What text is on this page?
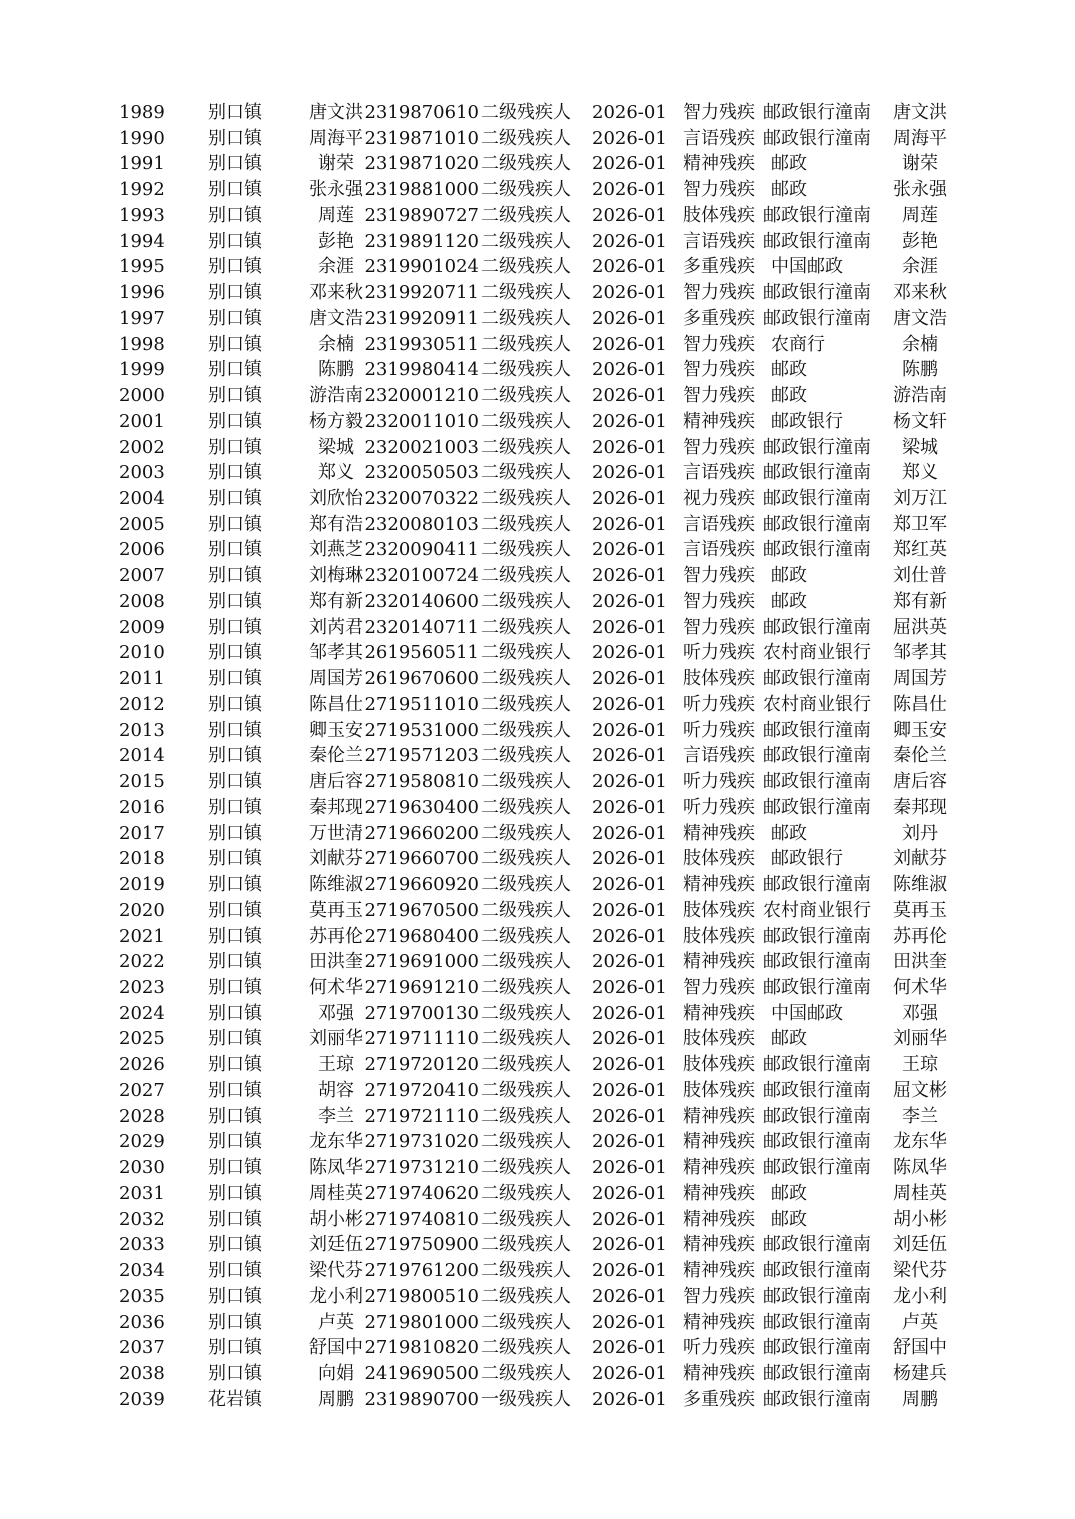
1989	别口镇	唐文洪 2319870610 二级残疾人	2026-01 智力残疾 邮政银行潼南	唐文洪
1990	别口镇	周海平 2319871010 二级残疾人	2026-01 言语残疾 邮政银行潼南	周海平
1991	别口镇	谢荣 2319871020 二级残疾人	2026-01 精神残疾 邮政	谢荣
1992	别口镇	张永强 2319881000 二级残疾人	2026-01 智力残疾 邮政	张永强
1993	别口镇	周莲 2319890727 二级残疾人	2026-01 肢体残疾 邮政银行潼南	周莲
1994	别口镇	彭艳 2319891120 二级残疾人	2026-01 言语残疾 邮政银行潼南	彭艳
1995	别口镇	余涯 2319901024 二级残疾人	2026-01 多重残疾 中国邮政	余涯
1996	别口镇	邓来秋 2319920711 二级残疾人	2026-01 智力残疾 邮政银行潼南	邓来秋
1997	别口镇	唐文浩 2319920911 二级残疾人	2026-01 多重残疾 邮政银行潼南	唐文浩
1998	别口镇	余楠 2319930511 二级残疾人	2026-01 智力残疾 农商行	余楠
1999	别口镇	陈鹏 2319980414 二级残疾人	2026-01 智力残疾 邮政	陈鹏
2000	别口镇	游浩南 2320001210 二级残疾人	2026-01 智力残疾 邮政	游浩南
2001	别口镇	杨方毅 2320011010 二级残疾人	2026-01 精神残疾 邮政银行	杨文轩
2002	别口镇	梁城 2320021003 二级残疾人	2026-01 智力残疾 邮政银行潼南	梁城
2003	别口镇	郑义 2320050503 二级残疾人	2026-01 言语残疾 邮政银行潼南	郑义
2004	别口镇	刘欣怡 2320070322 二级残疾人	2026-01 视力残疾 邮政银行潼南	刘万江
2005	别口镇	郑有浩 2320080103 二级残疾人	2026-01 言语残疾 邮政银行潼南	郑卫军
2006	别口镇	刘燕芝 2320090411 二级残疾人	2026-01 言语残疾 邮政银行潼南	郑红英
2007	别口镇	刘梅琳 2320100724 二级残疾人	2026-01 智力残疾 邮政	刘仕普
2008	别口镇	郑有新 2320140600 二级残疾人	2026-01 智力残疾 邮政	郑有新
2009	别口镇	刘芮君 2320140711 二级残疾人	2026-01 智力残疾 邮政银行潼南	屈洪英
2010	别口镇	邹孝其 2619560511 二级残疾人	2026-01 听力残疾 农村商业银行	邹孝其
2011	别口镇	周国芳 2619670600 二级残疾人	2026-01 肢体残疾 邮政银行潼南	周国芳
2012	别口镇	陈昌仕 2719511010 二级残疾人	2026-01 听力残疾 农村商业银行	陈昌仕
2013	别口镇	卿玉安 2719531000 二级残疾人	2026-01 听力残疾 邮政银行潼南	卿玉安
2014	别口镇	秦伦兰 2719571203 二级残疾人	2026-01 言语残疾 邮政银行潼南	秦伦兰
2015	别口镇	唐后容 2719580810 二级残疾人	2026-01 听力残疾 邮政银行潼南	唐后容
2016	别口镇	秦邦现 2719630400 二级残疾人	2026-01 听力残疾 邮政银行潼南	秦邦现
2017	别口镇	万世清 2719660200 二级残疾人	2026-01 精神残疾 邮政	刘丹
2018	别口镇	刘献芬 2719660700 二级残疾人	2026-01 肢体残疾 邮政银行	刘献芬
2019	别口镇	陈维淑 2719660920 二级残疾人	2026-01 精神残疾 邮政银行潼南	陈维淑
2020	别口镇	莫再玉 2719670500 二级残疾人	2026-01 肢体残疾 农村商业银行	莫再玉
2021	别口镇	苏再伦 2719680400 二级残疾人	2026-01 肢体残疾 邮政银行潼南	苏再伦
2022	别口镇	田洪奎 2719691000 二级残疾人	2026-01 精神残疾 邮政银行潼南	田洪奎
2023	别口镇	何术华 2719691210 二级残疾人	2026-01 智力残疾 邮政银行潼南	何术华
2024	别口镇	邓强 2719700130 二级残疾人	2026-01 精神残疾 中国邮政	邓强
2025	别口镇	刘丽华 2719711110 二级残疾人	2026-01 肢体残疾 邮政	刘丽华
2026	别口镇	王琼 2719720120 二级残疾人	2026-01 肢体残疾 邮政银行潼南	王琼
2027	别口镇	胡容 2719720410 二级残疾人	2026-01 肢体残疾 邮政银行潼南	屈文彬
2028	别口镇	李兰 2719721110 二级残疾人	2026-01 精神残疾 邮政银行潼南	李兰
2029	别口镇	龙东华 2719731020 二级残疾人	2026-01 精神残疾 邮政银行潼南	龙东华
2030	别口镇	陈凤华 2719731210 二级残疾人	2026-01 精神残疾 邮政银行潼南	陈凤华
2031	别口镇	周桂英 2719740620 二级残疾人	2026-01 精神残疾 邮政	周桂英
2032	别口镇	胡小彬 2719740810 二级残疾人	2026-01 精神残疾 邮政	胡小彬
2033	别口镇	刘廷伍 2719750900 二级残疾人	2026-01 精神残疾 邮政银行潼南	刘廷伍
2034	别口镇	梁代芬 2719761200 二级残疾人	2026-01 精神残疾 邮政银行潼南	梁代芬
2035	别口镇	龙小利 2719800510 二级残疾人	2026-01 智力残疾 邮政银行潼南	龙小利
2036	别口镇	卢英 2719801000 二级残疾人	2026-01 精神残疾 邮政银行潼南	卢英
2037	别口镇	舒国中 2719810820 二级残疾人	2026-01 听力残疾 邮政银行潼南	舒国中
2038	别口镇	向娟 2419690500 二级残疾人	2026-01 精神残疾 邮政银行潼南	杨建兵
2039	花岩镇	周鹏 2319890700 一级残疾人	2026-01 多重残疾 邮政银行潼南	周鹏
